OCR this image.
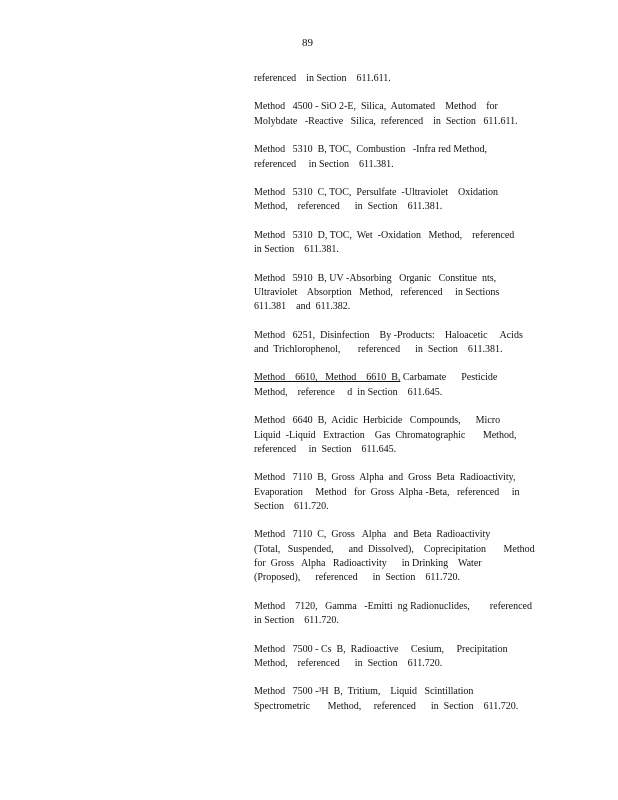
89
referenced    in Section    611.611.
Method   4500 - SiO 2-E,  Silica,  Automated    Method    for
Molybdate   -Reactive   Silica,  referenced    in  Section   611.611.
Method   5310  B, TOC,  Combustion   -Infra red Method,
referenced     in Section    611.381.
Method   5310  C, TOC,  Persulfate  -Ultraviolet    Oxidation
Method,    referenced      in  Section    611.381.
Method   5310  D, TOC,  Wet  -Oxidation   Method,    referenced
in Section    611.381.
Method   5910  B, UV -Absorbing   Organic   Constitue  nts,
Ultraviolet    Absorption   Method,   referenced     in Sections
611.381    and  611.382.
Method   6251,  Disinfection    By -Products:    Haloacetic     Acids
and  Trichlorophenol,       referenced      in  Section    611.381.
Method    6610,   Method    6610  B, Carbamate      Pesticide
Method,    reference     d  in Section    611.645.
Method   6640  B,  Acidic  Herbicide   Compounds,      Micro
Liquid  -Liquid   Extraction    Gas  Chromatographic       Method,
referenced     in  Section    611.645.
Method   7110  B,  Gross  Alpha  and  Gross  Beta  Radioactivity,
Evaporation     Method   for  Gross  Alpha -Beta,   referenced     in
Section    611.720.
Method   7110  C,  Gross   Alpha   and  Beta  Radioactivity
(Total,   Suspended,      and  Dissolved),    Coprecipitation       Method
for  Gross   Alpha   Radioactivity      in Drinking    Water
(Proposed),      referenced      in  Section    611.720.
Method    7120,   Gamma   -Emitti  ng Radionuclides,        referenced
in Section    611.720.
Method   7500 - Cs  B,  Radioactive     Cesium,     Precipitation
Method,    referenced      in  Section    611.720.
Method   7500 -³H  B,  Tritium,    Liquid   Scintillation
Spectrometric       Method,     referenced      in  Section    611.720.
